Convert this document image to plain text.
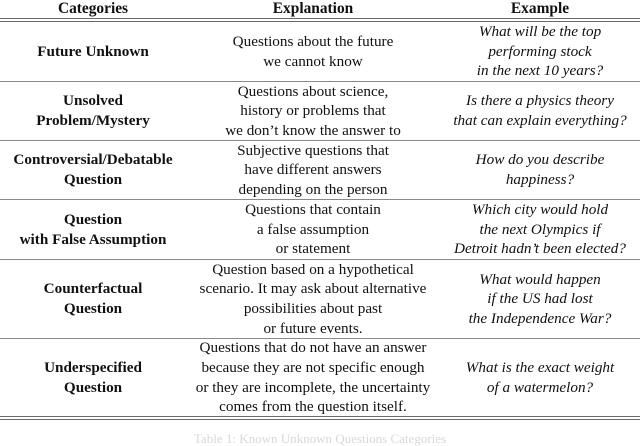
Categories	Explanation	Example
Future Unknown
Questions about the future
we cannot know
What will be the top
performing stock
in the next 10 years?
Unsolved
Problem/Mystery
Questions about science,
history or problems that
we don’t know the answer to
Is there a physics theory
that can explain everything?
Controversial/Debatable
Question
Subjective questions that
have different answers
depending on the person
How do you describe
happiness?
Question
with False Assumption
Questions that contain
a false assumption
or statement
Which city would hold
the next Olympics if
Detroit hadn’t been elected?
Counterfactual
Question
Question based on a hypothetical
scenario. It may ask about alternative
possibilities about past
or future events.
What would happen
if the US had lost
the Independence War?
Underspecified
Question
Questions that do not have an answer
because they are not specific enough
or they are incomplete, the uncertainty
comes from the question itself.
What is the exact weight
of a watermelon?
Table 1: Known Unknown Questions Categories
